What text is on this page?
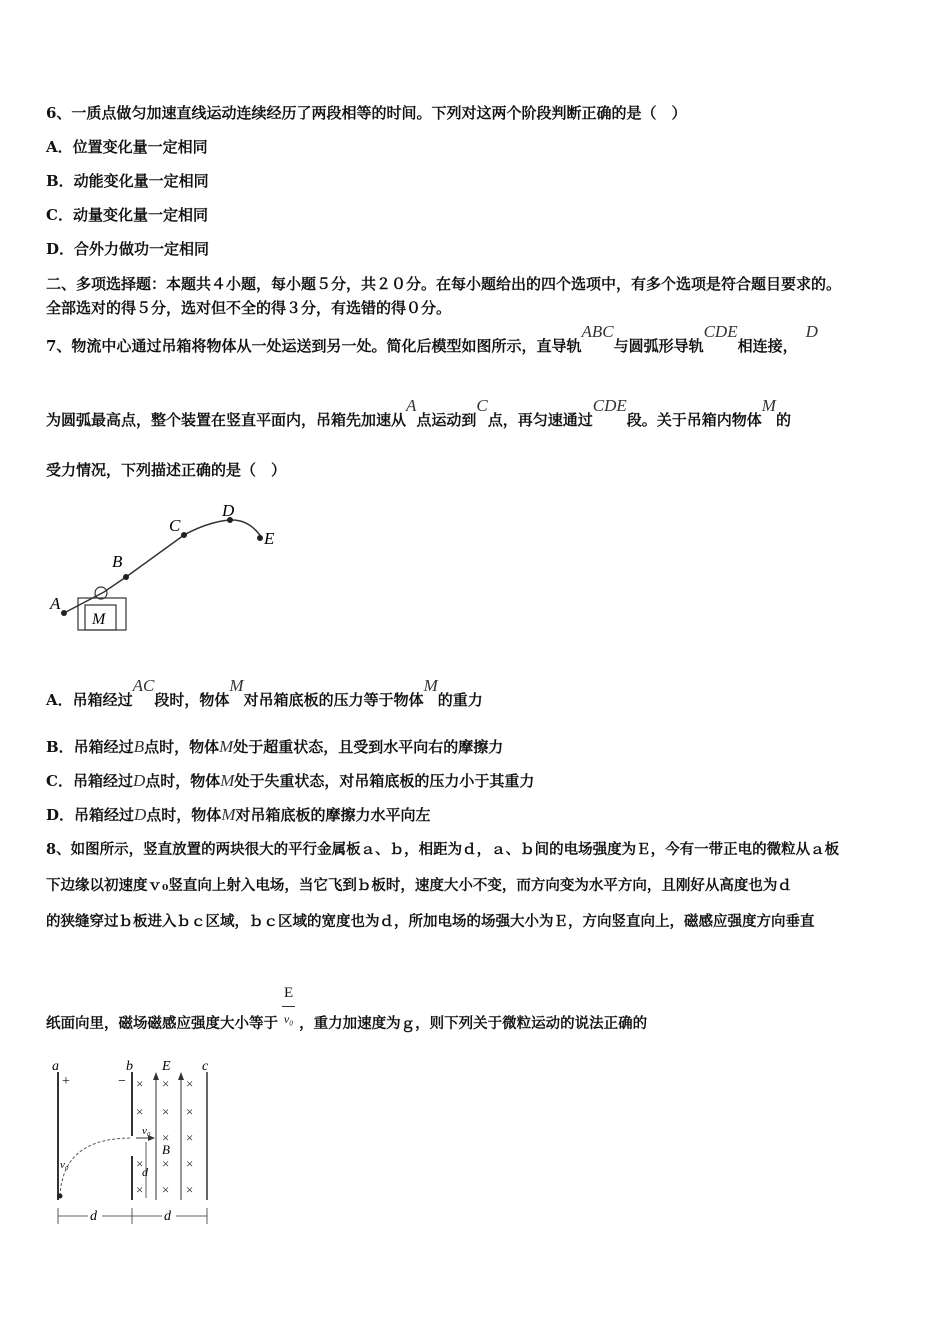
6、一质点做匀加速直线运动连续经历了两段相等的时间。下列对这两个阶段判断正确的是（　）
A．位置变化量一定相同
B．动能变化量一定相同
C．动量变化量一定相同
D．合外力做功一定相同
二、多项选择题：本题共４小题，每小题５分，共２０分。在每小题给出的四个选项中，有多个选项是符合题目要求的。
全部选对的得５分，选对但不全的得３分，有选错的得０分。
7、物流中心通过吊箱将物体从一处运送到另一处。简化后模型如图所示，直导轨ABC与圆弧形导轨CDE相连接，D
为圆弧最高点，整个装置在竖直平面内，吊箱先加速从A点运动到C点，再匀速通过CDE段。关于吊箱内物体M的
受力情况，下列描述正确的是（　）
A
B
C
D
E
M
A．吊箱经过AC段时，物体M对吊箱底板的压力等于物体M的重力
B．吊箱经过B点时，物体M处于超重状态，且受到水平向右的摩擦力
C．吊箱经过D点时，物体M处于失重状态，对吊箱底板的压力小于其重力
D．吊箱经过D点时，物体M对吊箱底板的摩擦力水平向左
8、如图所示，竖直放置的两块很大的平行金属板ａ、ｂ，相距为ｄ，ａ、ｂ间的电场强度为Ｅ，今有一带正电的微粒从ａ板
下边缘以初速度ｖ₀竖直向上射入电场，当它飞到ｂ板时，速度大小不变，而方向变为水平方向，且刚好从高度也为ｄ
的狭缝穿过ｂ板进入ｂｃ区域，ｂｃ区域的宽度也为ｄ，所加电场的场强大小为Ｅ，方向竖直向上，磁感应强度方向垂直
纸面向里，磁场磁感应强度大小等于 $\frac{E}{\text{v₀}}$ ，重力加速度为ｇ，则下列关于微粒运动的说法正确的
× × ×
× × ×
× ×
×	×
×
× × ×
a	b	c
E
B
+	−
v₀
v₀
d
d	d
